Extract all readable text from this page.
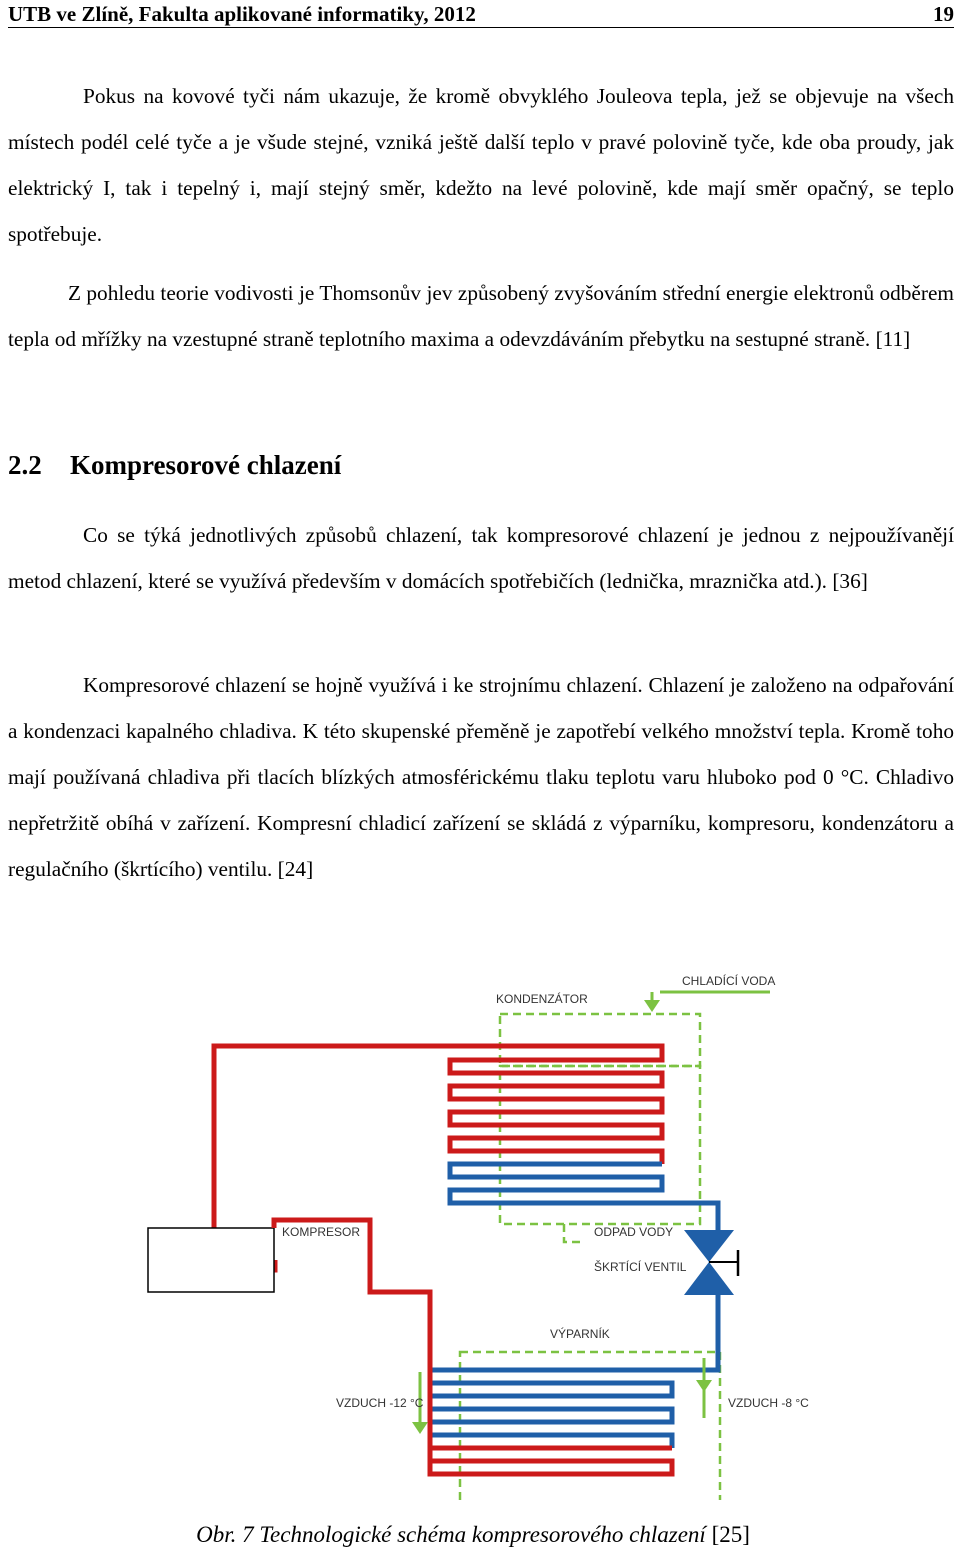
UTB ve Zlíně, Fakulta aplikované informatiky, 2012	19

Pokus na kovové tyči nám ukazuje, že kromě obvyklého Jouleova tepla, jež se objevuje na všech místech podél celé tyče a je všude stejné, vzniká ještě další teplo v pravé polovině tyče, kde oba proudy, jak elektrický I, tak i tepelný i, mají stejný směr, kdežto na levé polovině, kde mají směr opačný, se teplo spotřebuje.

Z pohledu teorie vodivosti je Thomsonův jev způsobený zvyšováním střední energie elektronů odběrem tepla od mřížky na vzestupné straně teplotního maxima a odevzdáváním přebytku na sestupné straně. [11]

2.2 Kompresorové chlazení

Co se týká jednotlivých způsobů chlazení, tak kompresorové chlazení je jednou z nejpoužívanějí metod chlazení, které se využívá především v domácích spotřebičích (lednička, mraznička atd.). [36]

Kompresorové chlazení se hojně využívá i ke strojnímu chlazení. Chlazení je založeno na odpařování a kondenzaci kapalného chladiva. K této skupenské přeměně je zapotřebí velkého množství tepla. Kromě toho mají používaná chladiva při tlacích blízkých atmosférickému tlaku teplotu varu hluboko pod 0 °C. Chladivo nepřetržitě obíhá v zařízení. Kompresní chladicí zařízení se skládá z výparníku, kompresoru, kondenzátoru a regulačního (škrtícího) ventilu. [24]

CHLADÍCÍ VODA
KONDENZÁTOR
KOMPRESOR	ODPAD VODY
ŠKRTÍCÍ VENTIL
VÝPARNÍK
VZDUCH -8 °C
VZDUCH -12 °C
Obr. 7 Technologické schéma kompresorového chlazení [25]
